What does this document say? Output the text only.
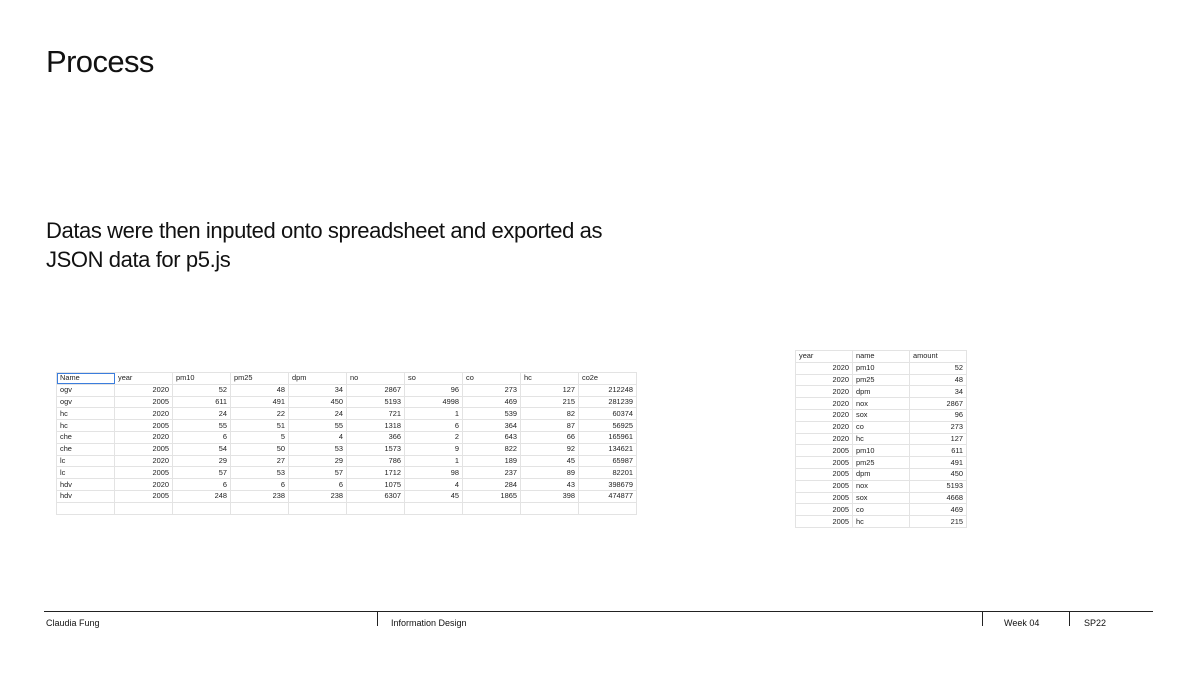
Process
Datas were then inputed onto spreadsheet and exported as JSON data for p5.js
Name	year	pm10	pm25	dpm	no	so	co	hc	co2e
ogv	2020	52	48	34	2867	96	273	127	212248
ogv	2005	611	491	450	5193	4998	469	215	281239
hc	2020	24	22	24	721	1	539	82	60374
hc	2005	55	51	55	1318	6	364	87	56925
che	2020	6	5	4	366	2	643	66	165961
che	2005	54	50	53	1573	9	822	92	134621
lc	2020	29	27	29	786	1	189	45	65987
lc	2005	57	53	57	1712	98	237	89	82201
hdv	2020	6	6	6	1075	4	284	43	398679
hdv	2005	248	238	238	6307	45	1865	398	474877

year	name	amount
2020	pm10	52
2020	pm25	48
2020	dpm	34
2020	nox	2867
2020	sox	96
2020	co	273
2020	hc	127
2005	pm10	611
2005	pm25	491
2005	dpm	450
2005	nox	5193
2005	sox	4668
2005	co	469
2005	hc	215
Claudia Fung	Information Design	Week 04	SP22
